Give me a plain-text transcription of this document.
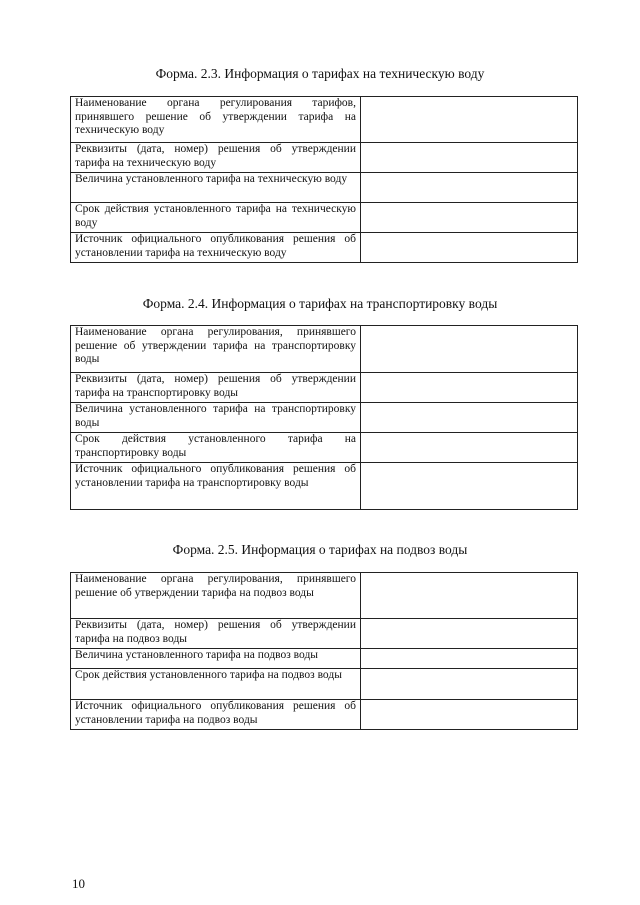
Форма. 2.3. Информация о тарифах на техническую воду
Наименование органа регулирования тарифов, принявшего решение об утверждении тарифа на техническую воду	
Реквизиты (дата, номер) решения об утверждении тарифа на техническую воду	
Величина установленного тарифа на техническую воду	
Срок действия установленного тарифа на техническую воду	
Источник официального опубликования решения об установлении тарифа на техническую воду	
Форма. 2.4. Информация о тарифах на транспортировку воды
Наименование органа регулирования, принявшего решение об утверждении тарифа на транспортировку воды	
Реквизиты (дата, номер) решения об утверждении тарифа на транспортировку воды	
Величина установленного тарифа на транспортировку воды	
Срок действия установленного тарифа на транспортировку воды	
Источник официального опубликования решения об установлении тарифа на транспортировку воды	
Форма. 2.5. Информация о тарифах на подвоз воды
Наименование органа регулирования, принявшего решение об утверждении тарифа на подвоз воды	
Реквизиты (дата, номер) решения об утверждении тарифа на подвоз воды	
Величина установленного тарифа на подвоз воды	
Срок действия установленного тарифа на подвоз воды	
Источник официального опубликования решения об установлении тарифа на подвоз воды	
10
